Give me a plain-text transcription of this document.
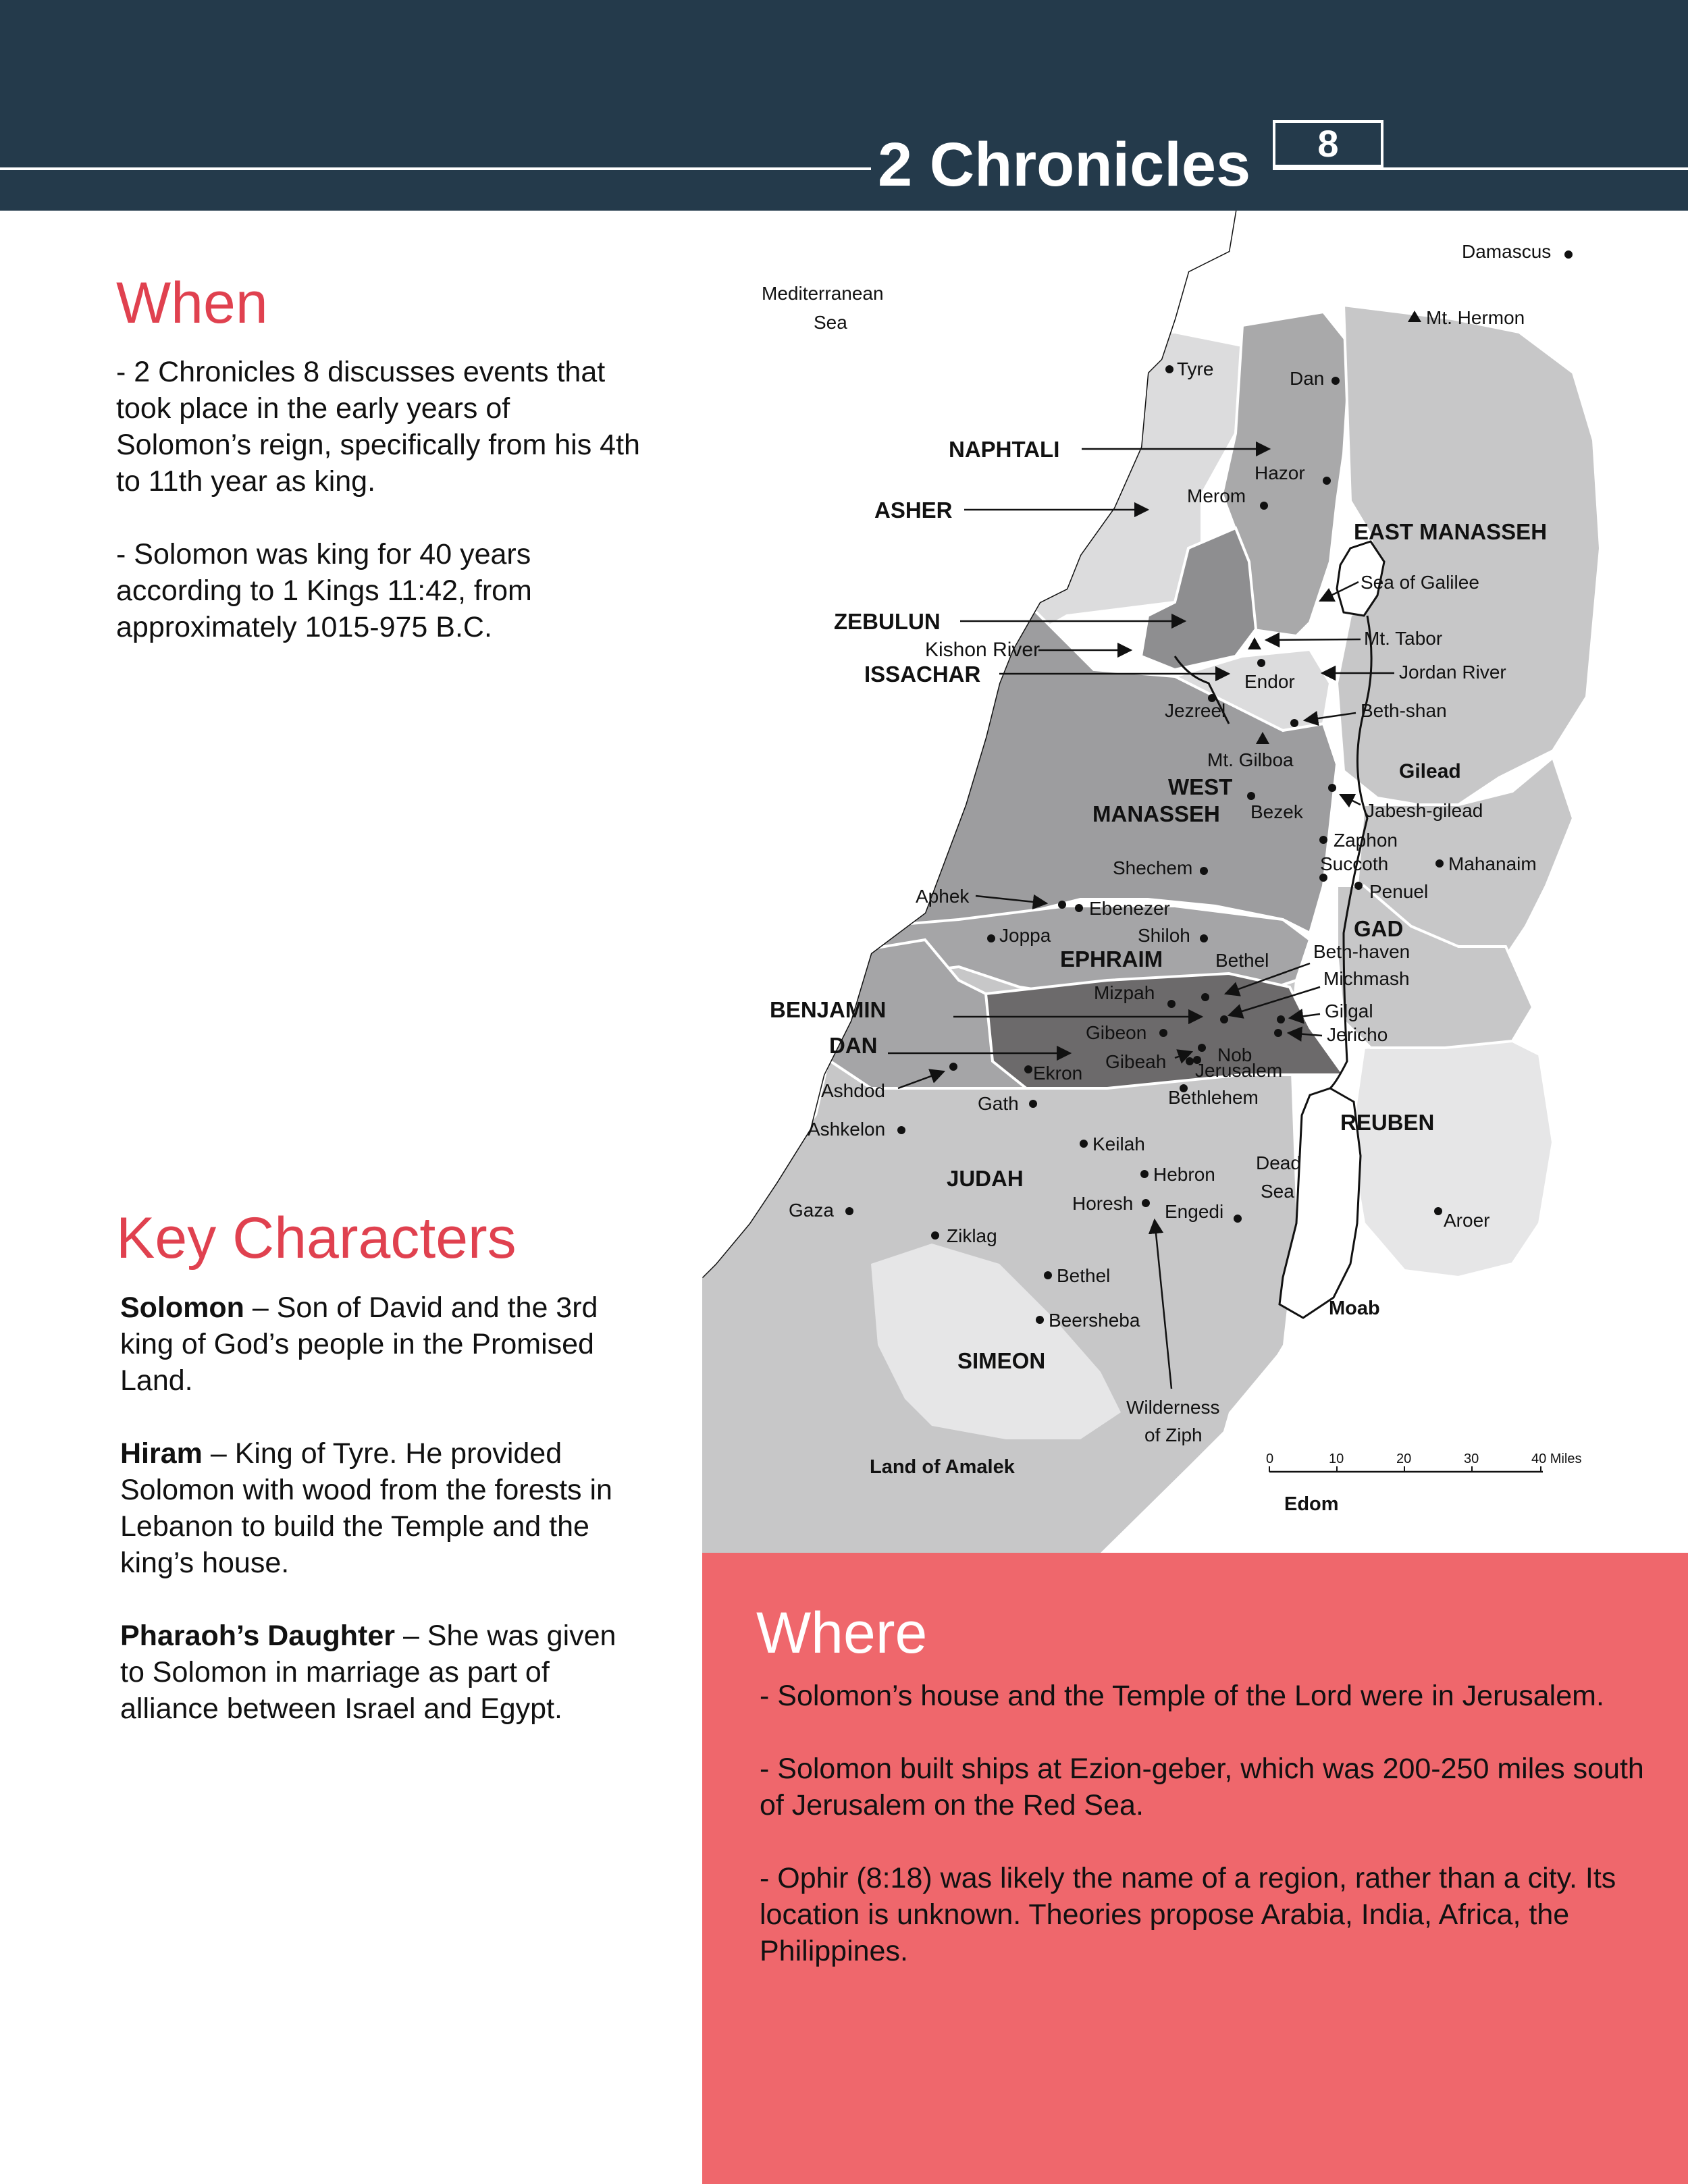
2 Chronicles	8
When

- 2 Chronicles 8 discusses events that took place in the early years of Solomon’s reign, specifically from his 4th to 11th year as king.

- Solomon was king for 40 years according to 1 Kings 11:42, from approximately 1015-975 B.C.

Key Characters

Solomon – Son of David and the 3rd king of God’s people in the Promised Land.

Hiram – King of Tyre. He provided Solomon with wood from the forests in Lebanon to build the Temple and the king’s house.

Pharaoh’s Daughter – She was given to Solomon in marriage as part of alliance between Israel and Egypt.

NAPHTALI
ASHER
ZEBULUN
Kishon River
ISSACHAR
WEST
MANASSEH
EPHRAIM
BENJAMIN
DAN
JUDAH
SIMEON
EAST MANASSEH
GAD
REUBEN
Gilead
Moab
Edom
Land of Amalek
Mediterranean
Sea
Damascus
Mt. Hermon
Tyre	Dan
Hazor
Merom
Sea of Galilee
Mt. Tabor
Endor	Jordan River
Jezreel	Beth-shan
Mt. Gilboa
Jabesh-gilead
Bezek
Zaphon
Succoth	Mahanaim
Shechem
Penuel
Aphek
Ebenezer
Joppa	Shiloh
Bethel Beth-haven
Michmash
Mizpah
Gilgal
Gibeon	Jericho
Nob
Gibeah Jerusalem
Ekron
Ashdod	Bethlehem
Gath
Ashkelon
Keilah
Hebron
Dead
Sea
Gaza	Horesh Engedi	Aroer
Ziklag
Bethel
Beersheba
Wilderness
of Ziph
0	10	20	30	40 Miles
Where

- Solomon’s house and the Temple of the Lord were in Jerusalem.

- Solomon built ships at Ezion-geber, which was 200-250 miles south of Jerusalem on the Red Sea.

- Ophir (8:18) was likely the name of a region, rather than a city. Its location is unknown. Theories propose Arabia, India, Africa, the Philippines.
